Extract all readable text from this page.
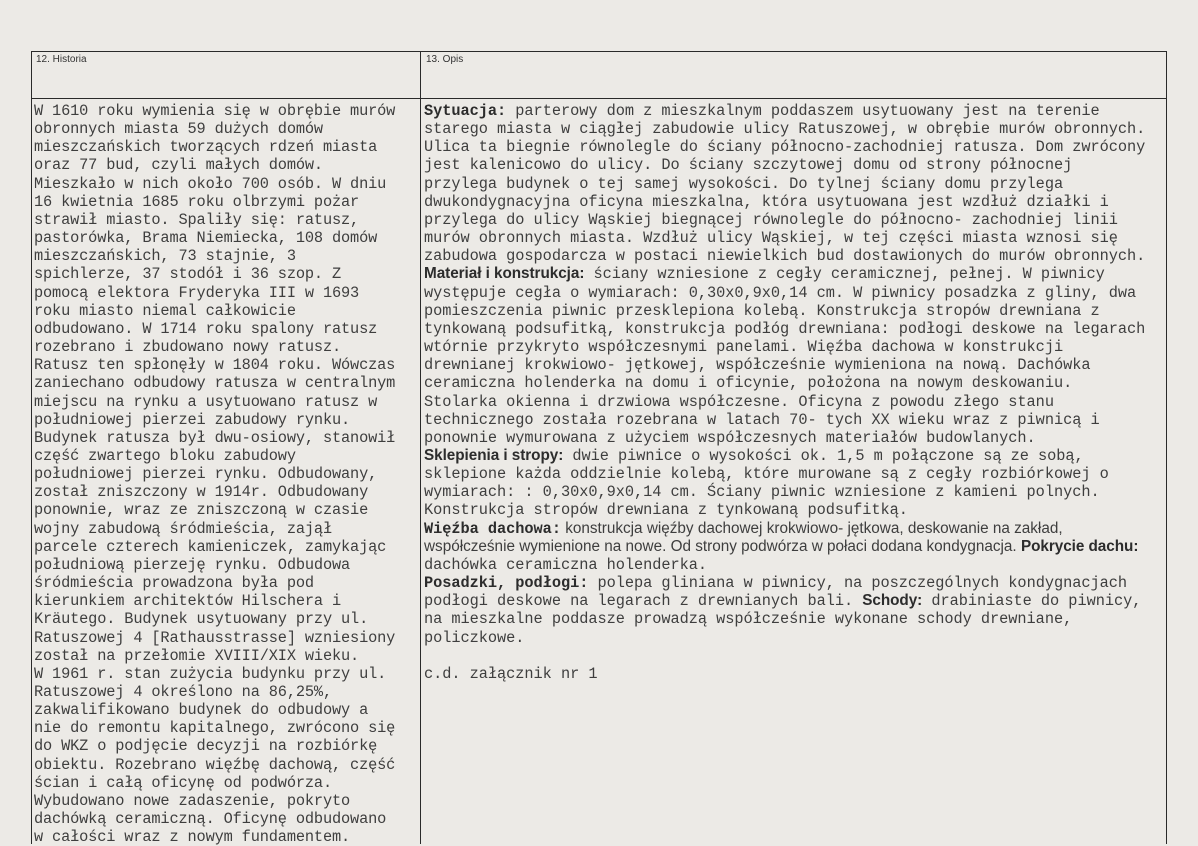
12. Historia	13. Opis
W 1610 roku wymienia się w obrębie murów
obronnych miasta 59 dużych domów
mieszczańskich tworzących rdzeń miasta
oraz 77 bud, czyli małych domów.
Mieszkało w nich około 700 osób. W dniu
16 kwietnia 1685 roku olbrzymi pożar
strawił miasto. Spaliły się: ratusz,
pastorówka, Brama Niemiecka, 108 domów
mieszczańskich, 73 stajnie, 3
spichlerze, 37 stodół i 36 szop. Z
pomocą elektora Fryderyka III w 1693
roku miasto niemal całkowicie
odbudowano. W 1714 roku spalony ratusz
rozebrano i zbudowano nowy ratusz.
Ratusz ten spłonęły w 1804 roku. Wówczas
zaniechano odbudowy ratusza w centralnym
miejscu na rynku a usytuowano ratusz w
południowej pierzei zabudowy rynku.
Budynek ratusza był dwu-osiowy, stanowił
część zwartego bloku zabudowy
południowej pierzei rynku. Odbudowany,
został zniszczony w 1914r. Odbudowany
ponownie, wraz ze zniszczoną w czasie
wojny zabudową śródmieścia, zajął
parcele czterech kamieniczek, zamykając
południową pierzeję rynku. Odbudowa
śródmieścia prowadzona była pod
kierunkiem architektów Hilschera i
Kräutego. Budynek usytuowany przy ul.
Ratuszowej 4 [Rathausstrasse] wzniesiony
został na przełomie XVIII/XIX wieku.
W 1961 r. stan zużycia budynku przy ul.
Ratuszowej 4 określono na 86,25%,
zakwalifikowano budynek do odbudowy a
nie do remontu kapitalnego, zwrócono się
do WKZ o podjęcie decyzji na rozbiórkę
obiektu. Rozebrano więźbę dachową, część
ścian i całą oficynę od podwórza.
Wybudowano nowe zadaszenie, pokryto
dachówką ceramiczną. Oficynę odbudowano
w całości wraz z nowym fundamentem.

Sytuacja: parterowy dom z mieszkalnym poddaszem usytuowany jest na terenie starego miasta w ciągłej zabudowie ulicy Ratuszowej, w obrębie murów obronnych. Ulica ta biegnie równolegle do ściany północno-zachodniej ratusza. Dom zwrócony jest kalenicowo do ulicy. Do ściany szczytowej domu od strony północnej przylega budynek o tej samej wysokości. Do tylnej ściany domu przylega dwukondygnacyjna oficyna mieszkalna, która usytuowana jest wzdłuż działki i przylega do ulicy Wąskiej biegnącej równolegle do północno- zachodniej linii murów obronnych miasta. Wzdłuż ulicy Wąskiej, w tej części miasta wznosi się zabudowa gospodarcza w postaci niewielkich bud dostawionych do murów obronnych. Materiał i konstrukcja: ściany wzniesione z cegły ceramicznej, pełnej. W piwnicy występuje cegła o wymiarach: 0,30x0,9x0,14 cm. W piwnicy posadzka z gliny, dwa pomieszczenia piwnic przesklepiona kolebą. Konstrukcja stropów drewniana z tynkowaną podsufitką, konstrukcja podłóg drewniana: podłogi deskowe na legarach wtórnie przykryto współczesnymi panelami. Więźba dachowa w konstrukcji drewnianej krokwiowo- jętkowej, współcześnie wymieniona na nową. Dachówka ceramiczna holenderka na domu i oficynie, położona na nowym deskowaniu. Stolarka okienna i drzwiowa współczesne. Oficyna z powodu złego stanu technicznego została rozebrana w latach 70- tych XX wieku wraz z piwnicą i ponownie wymurowana z użyciem współczesnych materiałów budowlanych.

Sklepienia i stropy: dwie piwnice o wysokości ok. 1,5 m połączone są ze sobą, sklepione każda oddzielnie kolebą, które murowane są z cegły rozbiórkowej o wymiarach: : 0,30x0,9x0,14 cm. Ściany piwnic wzniesione z kamieni polnych. Konstrukcja stropów drewniana z tynkowaną podsufitką.

Więźba dachowa: konstrukcja więźby dachowej krokwiowo- jętkowa, deskowanie na zakład, współcześnie wymienione na nowe. Od strony podwórza w połaci dodana kondygnacja. Pokrycie dachu: dachówka ceramiczna holenderka.

Posadzki, podłogi: polepa gliniana w piwnicy, na poszczególnych kondygnacjach podłogi deskowe na legarach z drewnianych bali. Schody: drabiniaste do piwnicy, na mieszkalne poddasze prowadzą współcześnie wykonane schody drewniane, policzkowe.

c.d. załącznik nr 1
